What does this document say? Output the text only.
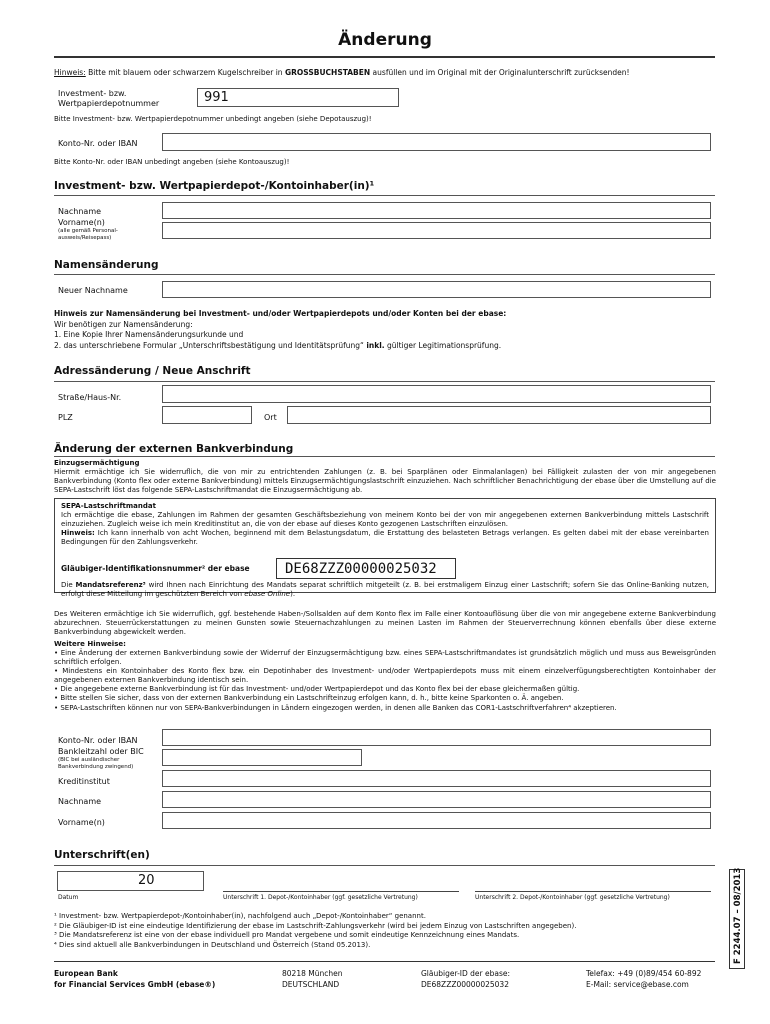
Änderung
Hinweis: Bitte mit blauem oder schwarzem Kugelschreiber in GROSSBUCHSTABEN ausfüllen und im Original mit der Originalunterschrift zurücksenden!
Investment- bzw.
Wertpapierdepotnummer	991
Bitte Investment- bzw. Wertpapierdepotnummer unbedingt angeben (siehe Depotauszug)!
Konto-Nr. oder IBAN
Bitte Konto-Nr. oder IBAN unbedingt angeben (siehe Kontoauszug)!
Investment- bzw. Wertpapierdepot-/Kontoinhaber(in)¹
Nachname
Vorname(n)
(alle gemäß Personal-
ausweis/Reisepass)
Namensänderung
Neuer Nachname
Hinweis zur Namensänderung bei Investment- und/oder Wertpapierdepots und/oder Konten bei der ebase:
Wir benötigen zur Namensänderung:
1. Eine Kopie Ihrer Namensänderungsurkunde und
2. das unterschriebene Formular „Unterschriftsbestätigung und Identitätsprüfung“ inkl. gültiger Legitimationsprüfung.
Adressänderung / Neue Anschrift
Straße/Haus-Nr.
PLZ	Ort
Änderung der externen Bankverbindung
Einzugsermächtigung
Hiermit ermächtige ich Sie widerruflich, die von mir zu entrichtenden Zahlungen (z. B. bei Sparplänen oder Einmalanlagen) bei Fälligkeit zulasten der von mir angegebenen Bankverbindung (Konto flex oder externe Bankverbindung) mittels Einzugsermächtigungslastschrift einzuziehen. Nach schriftlicher Benachrichtigung der ebase über die Umstellung auf die SEPA-Lastschrift löst das folgende SEPA-Lastschriftmandat die Einzugsermächtigung ab.
SEPA-Lastschriftmandat
Ich ermächtige die ebase, Zahlungen im Rahmen der gesamten Geschäftsbeziehung von meinem Konto bei der von mir angegebenen externen Bankverbindung mittels Lastschrift einzuziehen. Zugleich weise ich mein Kreditinstitut an, die von der ebase auf dieses Konto gezogenen Lastschriften einzulösen.
Hinweis: Ich kann innerhalb von acht Wochen, beginnend mit dem Belastungsdatum, die Erstattung des belasteten Betrags verlangen. Es gelten dabei mit der ebase vereinbarten Bedingungen für den Zahlungsverkehr.
Gläubiger-Identifikationsnummer² der ebase
Die Mandatsreferenz³ wird Ihnen nach Einrichtung des Mandats separat schriftlich mitgeteilt (z. B. bei erstmaligem Einzug einer Lastschrift; sofern Sie das Online-Banking nutzen, erfolgt diese Mitteilung im geschützten Bereich von ebase Online).
DE68ZZZ00000025032
Des Weiteren ermächtige ich Sie widerruflich, ggf. bestehende Haben-/Sollsalden auf dem Konto flex im Falle einer Kontoauflösung über die von mir angegebene externe Bankverbindung abzurechnen. Steuerrückerstattungen zu meinen Gunsten sowie Steuernachzahlungen zu meinen Lasten im Rahmen der Steuerverrechnung können ebenfalls über diese externe Bankverbindung abgewickelt werden.
Weitere Hinweise:
• Eine Änderung der externen Bankverbindung sowie der Widerruf der Einzugsermächtigung bzw. eines SEPA-Lastschriftmandates ist grundsätzlich möglich und muss aus Beweisgründen schriftlich erfolgen.
• Mindestens ein Kontoinhaber des Konto flex bzw. ein Depotinhaber des Investment- und/oder Wertpapierdepots muss mit einem einzelverfügungsberechtigten Kontoinhaber der angegebenen externen Bankverbindung identisch sein.
• Die angegebene externe Bankverbindung ist für das Investment- und/oder Wertpapierdepot und das Konto flex bei der ebase gleichermaßen gültig.
• Bitte stellen Sie sicher, dass von der externen Bankverbindung ein Lastschrifteinzug erfolgen kann, d. h., bitte keine Sparkonten o. Ä. angeben.
• SEPA-Lastschriften können nur von SEPA-Bankverbindungen in Ländern eingezogen werden, in denen alle Banken das COR1-Lastschriftverfahren⁴ akzeptieren.
Konto-Nr. oder IBAN
Bankleitzahl oder BIC
(BIC bei ausländischer
Bankverbindung zwingend)
Kreditinstitut
Nachname
Vorname(n)
Unterschrift(en)
20
Datum	Unterschrift 1. Depot-/Kontoinhaber (ggf. gesetzliche Vertretung)	Unterschrift 2. Depot-/Kontoinhaber (ggf. gesetzliche Vertretung)	F 2244.07 – 08/2013
¹ Investment- bzw. Wertpapierdepot-/Kontoinhaber(in), nachfolgend auch „Depot-/Kontoinhaber“ genannt.
² Die Gläubiger-ID ist eine eindeutige Identifizierung der ebase im Lastschrift-Zahlungsverkehr (wird bei jedem Einzug von Lastschriften angegeben).
³ Die Mandatsreferenz ist eine von der ebase individuell pro Mandat vergebene und somit eindeutige Kennzeichnung eines Mandats.
⁴ Dies sind aktuell alle Bankverbindungen in Deutschland und Österreich (Stand 05.2013).
European Bank
for Financial Services GmbH (ebase®)
80218 München
DEUTSCHLAND
Gläubiger-ID der ebase:
DE68ZZZ00000025032
Telefax: +49 (0)89/454 60-892
E-Mail: service@ebase.com
